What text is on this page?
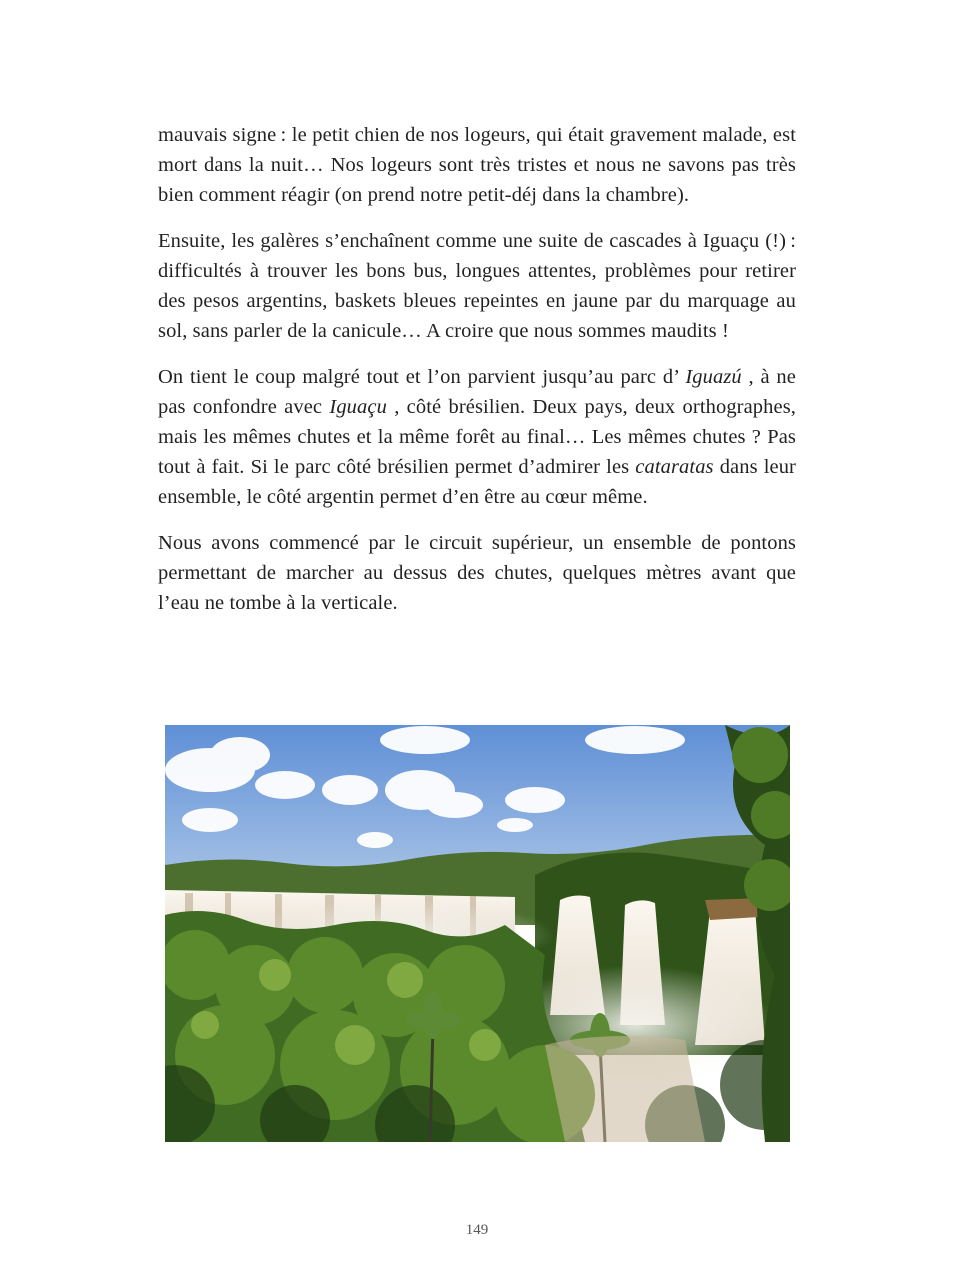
mauvais signe : le petit chien de nos logeurs, qui était gravement malade, est mort dans la nuit… Nos logeurs sont très tristes et nous ne savons pas très bien comment réagir (on prend notre petit-déj dans la chambre).

Ensuite, les galères s’enchaînent comme une suite de cascades à Iguaçu (!) : difficultés à trouver les bons bus, longues attentes, problèmes pour retirer des pesos argentins, baskets bleues repeintes en jaune par du marquage au sol, sans parler de la canicule… A croire que nous sommes maudits !

On tient le coup malgré tout et l’on parvient jusqu’au parc d’ Iguazú , à ne pas confondre avec Iguaçu , côté brésilien. Deux pays, deux orthographes, mais les mêmes chutes et la même forêt au final… Les mêmes chutes ? Pas tout à fait. Si le parc côté brésilien permet d’admirer les cataratas dans leur ensemble, le côté argentin permet d’en être au cœur même.

Nous avons commencé par le circuit supérieur, un ensemble de pontons permettant de marcher au dessus des chutes, quelques mètres avant que l’eau ne tombe à la verticale.

149
